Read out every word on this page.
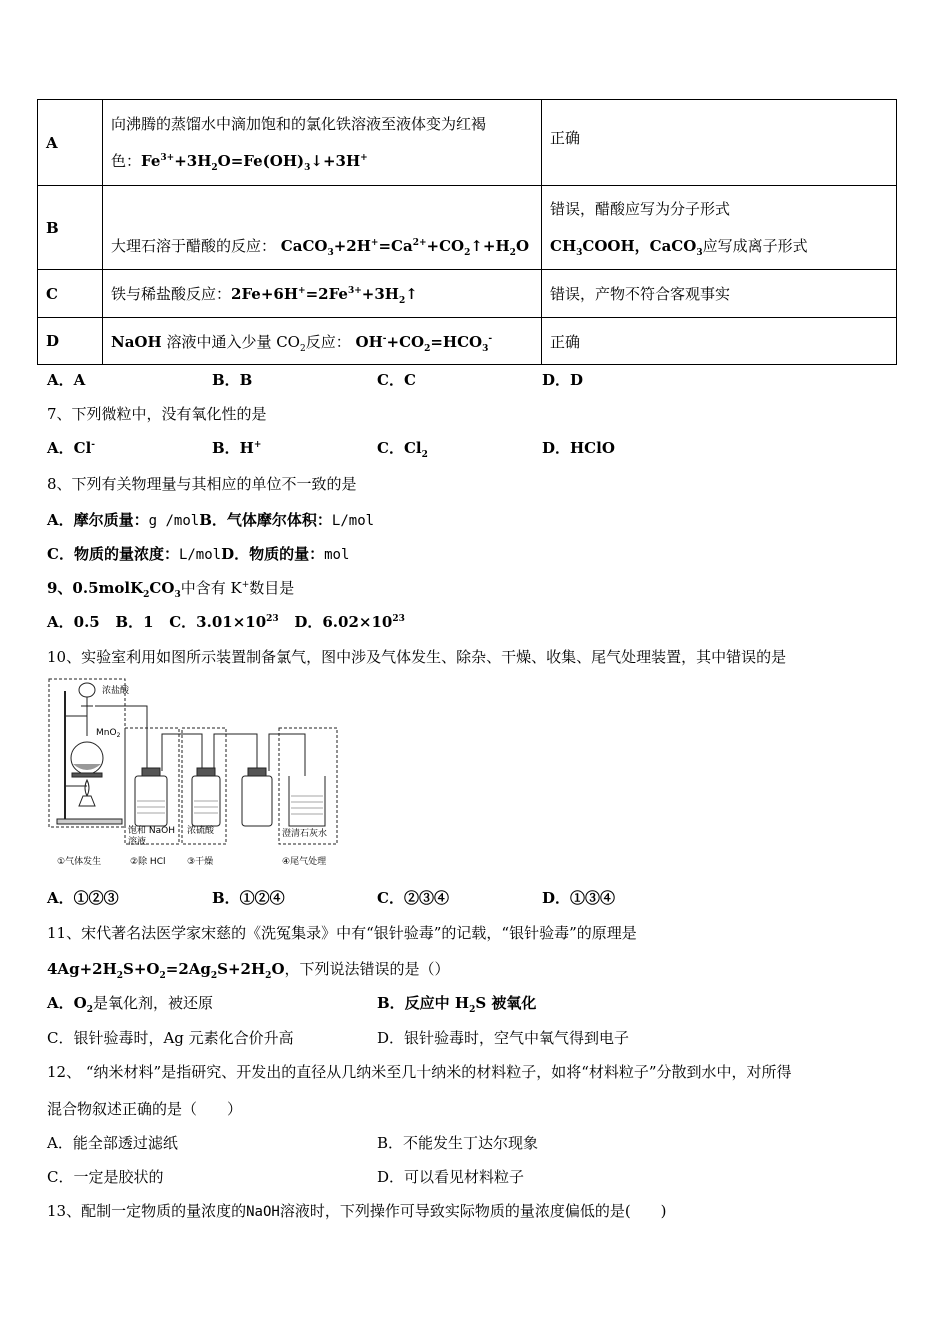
A	向沸腾的蒸馏水中滴加饱和的氯化铁溶液至液体变为红褐
色：$Fe^{3+}+3H_2O=Fe(OH)_3↓+3H^+$	正确

B	大理石溶于醋酸的反应： $CaCO_3+2H^+=Ca^{2+}+CO_2↑+H_2O$	错误，醋酸应写为分子形式
$CH_3COOH$，CaCO$_3$应写成离子形式

C	铁与稀盐酸反应：$2Fe+6H^+=2Fe^{3+}+3H_2↑$	错误，产物不符合客观事实
D	NaOH 溶液中通入少量 $CO_2$反应： $OH^-+CO_2=HCO_3^-$	正确
A．A	B．B	C．C	D．D
7、下列微粒中，没有氧化性的是
A．Cl-	B．H+	C．$Cl_2$	D．HClO
8、下列有关物理量与其相应的单位不一致的是
A．摩尔质量：g /molB．气体摩尔体积：L/mol
C．物质的量浓度：L/molD．物质的量：mol
9、$0.5molK_2CO_3$中含有 K+数目是
A．0.5 B．1 C．$3.01\times 10^{23}$ D．$6.02\times 10^{23}$
10、实验室利用如图所示装置制备氯气，图中涉及气体发生、除杂、干燥、收集、尾气处理装置，其中错误的是
浓盐酸
MnO$_2$
饱和 NaOH
溶液
浓硫酸	澄清石灰水
①气体发生	②除 HCl ③干燥	④尾气处理
A．①②③	B．①②④	C．②③④	D．①③④
11、宋代著名法医学家宋慈的《洗冤集录》中有“银针验毒”的记载，“银针验毒”的原理是
$4Ag+2H_2S+O_2=2Ag_2S+2H_2O$，下列说法错误的是（）
A．$O_2$是氧化剂，被还原	B．反应中 $H_2S$ 被氧化
C．银针验毒时，Ag 元素化合价升高	D．银针验毒时，空气中氧气得到电子
12、 “纳米材料”是指研究、开发出的直径从几纳米至几十纳米的材料粒子，如将“材料粒子”分散到水中，对所得
混合物叙述正确的是（　　）
A．能全部透过滤纸	B．不能发生丁达尔现象
C．一定是胶状的	D．可以看见材料粒子
13、配制一定物质的量浓度的NaOH溶液时，下列操作可导致实际物质的量浓度偏低的是(　　)
